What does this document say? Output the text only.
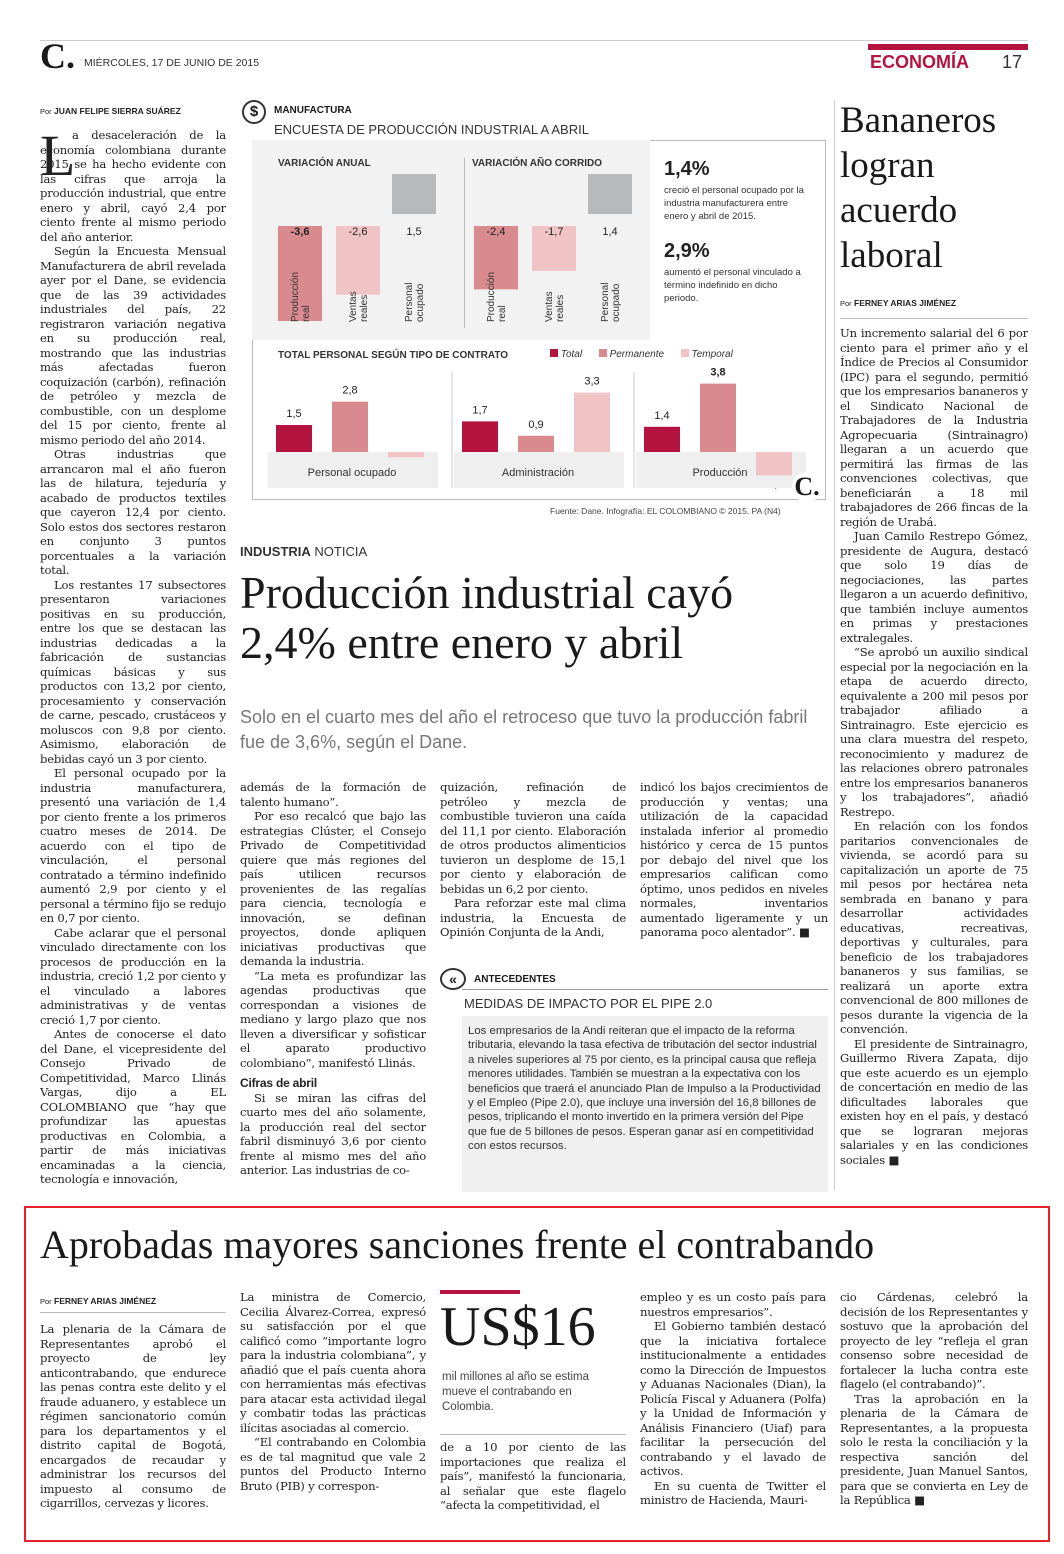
C. MIÉRCOLES, 17 DE JUNIO DE 2015	ECONOMÍA 17
Por JUAN FELIPE SIERRA SUÁREZ
L

a desaceleración de la economía colombiana durante 2015 se ha hecho evidente con las cifras que arroja la producción industrial, que entre enero y abril, cayó 2,4 por ciento frente al mismo periodo del año anterior.

Según la Encuesta Mensual Manufacturera de abril revelada ayer por el Dane, se evidencia que de las 39 actividades industriales del país, 22 registraron variación negativa en su producción real, mostrando que las industrias más afectadas fueron coquización (carbón), refinación de petróleo y mezcla de combustible, con un desplome del 15 por ciento, frente al mismo periodo del año 2014.

Otras industrias que arrancaron mal el año fueron las de hilatura, tejeduría y acabado de productos textiles que cayeron 12,4 por ciento. Solo estos dos sectores restaron en conjunto 3 puntos porcentuales a la variación total.

Los restantes 17 subsectores presentaron variaciones positivas en su producción, entre los que se destacan las industrias dedicadas a la fabricación de sustancias químicas básicas y sus productos con 13,2 por ciento, procesamiento y conservación de carne, pescado, crustáceos y moluscos con 9,8 por ciento. Asimismo, elaboración de bebidas cayó un 3 por ciento.

El personal ocupado por la industria manufacturera, presentó una variación de 1,4 por ciento frente a los primeros cuatro meses de 2014. De acuerdo con el tipo de vinculación, el personal contratado a término indefinido aumentó 2,9 por ciento y el personal a término fijo se redujo en 0,7 por ciento.

Cabe aclarar que el personal vinculado directamente con los procesos de producción en la industria, creció 1,2 por ciento y el vinculado a labores administrativas y de ventas creció 1,7 por ciento.

Antes de conocerse el dato del Dane, el vicepresidente del Consejo Privado de Competitividad, Marco Llinás Vargas, dijo a EL COLOMBIANO que “hay que profundizar las apuestas productivas en Colombia, a partir de más iniciativas encaminadas a la ciencia, tecnología e innovación,

$	MANUFACTURA
ENCUESTA DE PRODUCCIÓN INDUSTRIAL A ABRIL
VARIACIÓN ANUAL	VARIACIÓN AÑO CORRIDO
-3,6
Producciónreal
-2,6
Ventasreales
1,5
Personalocupado
-2,4
Producciónreal
-1,7
Ventasreales
1,4
Personalocupado
1,4%
creció el personal ocupado por la industria manufacturera entre enero y abril de 2015.
2,9%
aumentó el personal vinculado a término indefinido en dicho periodo.
TOTAL PERSONAL SEGÚN TIPO DE CONTRATO	Total	Permanente	Temporal
1,5
2,8
Personal ocupado
1,7
0,9
3,3
Administración
1,4
3,8
Producción C.
Fuente: Dane. Infografía: EL COLOMBIANO © 2015. PA (N4)
INDUSTRIA NOTICIA
Producción industrial cayó 2,4% entre enero y abril
Solo en el cuarto mes del año el retroceso que tuvo la producción fabril fue de 3,6%, según el Dane.

además de la formación de talento humano”.

Por eso recalcó que bajo las estrategias Clúster, el Consejo Privado de Competitividad quiere que más regiones del país utilicen recursos provenientes de las regalías para ciencia, tecnología e innovación, se definan proyectos, donde apliquen iniciativas productivas que demanda la industria.

“La meta es profundizar las agendas productivas que correspondan a visiones de mediano y largo plazo que nos lleven a diversificar y sofisticar el aparato productivo colombiano”, manifestó Llinás.

Cifras de abril

Si se miran las cifras del cuarto mes del año solamente, la producción real del sector fabril disminuyó 3,6 por ciento frente al mismo mes del año anterior. Las industrias de co-

quización, refinación de petróleo y mezcla de combustible tuvieron una caída del 11,1 por ciento. Elaboración de otros productos alimenticios tuvieron un desplome de 15,1 por ciento y elaboración de bebidas un 6,2 por ciento.

Para reforzar este mal clima industria, la Encuesta de Opinión Conjunta de la Andi,

indicó los bajos crecimientos de producción y ventas; una utilización de la capacidad instalada inferior al promedio histórico y cerca de 15 puntos por debajo del nivel que los empresarios califican como óptimo, unos pedidos en niveles normales, inventarios aumentado ligeramente y un panorama poco alentador”. ■

«	ANTECEDENTES
MEDIDAS DE IMPACTO POR EL PIPE 2.0
Los empresarios de la Andi reiteran que el impacto de la reforma tributaria, elevando la tasa efectiva de tributación del sector industrial a niveles superiores al 75 por ciento, es la principal causa que refleja menores utilidades. También se muestran a la expectativa con los beneficios que traerá el anunciado Plan de Impulso a la Productividad y el Empleo (Pipe 2.0), que incluye una inversión del 16,8 billones de pesos, triplicando el monto invertido en la primera versión del Pipe que fue de 5 billones de pesos. Esperan ganar así en competitividad con estos recursos.
Bananeros logran acuerdo laboral
Por FERNEY ARIAS JIMÉNEZ

Un incremento salarial del 6 por ciento para el primer año y el Índice de Precios al Consumidor (IPC) para el segundo, permitió que los empresarios bananeros y el Sindicato Nacional de Trabajadores de la Industria Agropecuaria (Sintrainagro) llegaran a un acuerdo que permitirá las firmas de las convenciones colectivas, que beneficiarán a 18 mil trabajadores de 266 fincas de la región de Urabá.

Juan Camilo Restrepo Gómez, presidente de Augura, destacó que solo 19 días de negociaciones, las partes llegaron a un acuerdo definitivo, que también incluye aumentos en primas y prestaciones extralegales.

“Se aprobó un auxilio sindical especial por la negociación en la etapa de acuerdo directo, equivalente a 200 mil pesos por trabajador afiliado a Sintrainagro. Este ejercicio es una clara muestra del respeto, reconocimiento y madurez de las relaciones obrero patronales entre los empresarios bananeros y los trabajadores”, añadió Restrepo.

En relación con los fondos paritarios convencionales de vivienda, se acordó para su capitalización un aporte de 75 mil pesos por hectárea neta sembrada en banano y para desarrollar actividades educativas, recreativas, deportivas y culturales, para beneficio de los trabajadores bananeros y sus familias, se realizará un aporte extra convencional de 800 millones de pesos durante la vigencia de la convención.

El presidente de Sintrainagro, Guillermo Rivera Zapata, dijo que este acuerdo es un ejemplo de concertación en medio de las dificultades laborales que existen hoy en el país, y destacó que se lograran mejoras salariales y en las condiciones sociales ■

Aprobadas mayores sanciones frente el contrabando
Por FERNEY ARIAS JIMÉNEZ

La plenaria de la Cámara de Representantes aprobó el proyecto de ley anticontrabando, que endurece las penas contra este delito y el fraude aduanero, y establece un régimen sancionatorio común para los departamentos y el distrito capital de Bogotá, encargados de recaudar y administrar los recursos del impuesto al consumo de cigarrillos, cervezas y licores.

La ministra de Comercio, Cecilia Álvarez-Correa, expresó su satisfacción por el que calificó como “importante logro para la industria colombiana”, y añadió que el país cuenta ahora con herramientas más efectivas para atacar esta actividad ilegal y combatir todas las prácticas ilícitas asociadas al comercio.

“El contrabando en Colombia es de tal magnitud que vale 2 puntos del Producto Interno Bruto (PIB) y correspon-

US$16
mil millones al año se estima mueve el contrabando en Colombia.

de a 10 por ciento de las importaciones que realiza el país”, manifestó la funcionaria, al señalar que este flagelo “afecta la competitividad, el

empleo y es un costo país para nuestros empresarios”.

El Gobierno también destacó que la iniciativa fortalece institucionalmente a entidades como la Dirección de Impuestos y Aduanas Nacionales (Dian), la Policía Fiscal y Aduanera (Polfa) y la Unidad de Información y Análisis Financiero (Uiaf) para facilitar la persecución del contrabando y el lavado de activos.

En su cuenta de Twitter el ministro de Hacienda, Mauri-

cio Cárdenas, celebró la decisión de los Representantes y sostuvo que la aprobación del proyecto de ley “refleja el gran consenso sobre necesidad de fortalecer la lucha contra este flagelo (el contrabando)”.

Tras la aprobación en la plenaria de la Cámara de Representantes, a la propuesta solo le resta la conciliación y la respectiva sanción del presidente, Juan Manuel Santos, para que se convierta en Ley de la República ■
